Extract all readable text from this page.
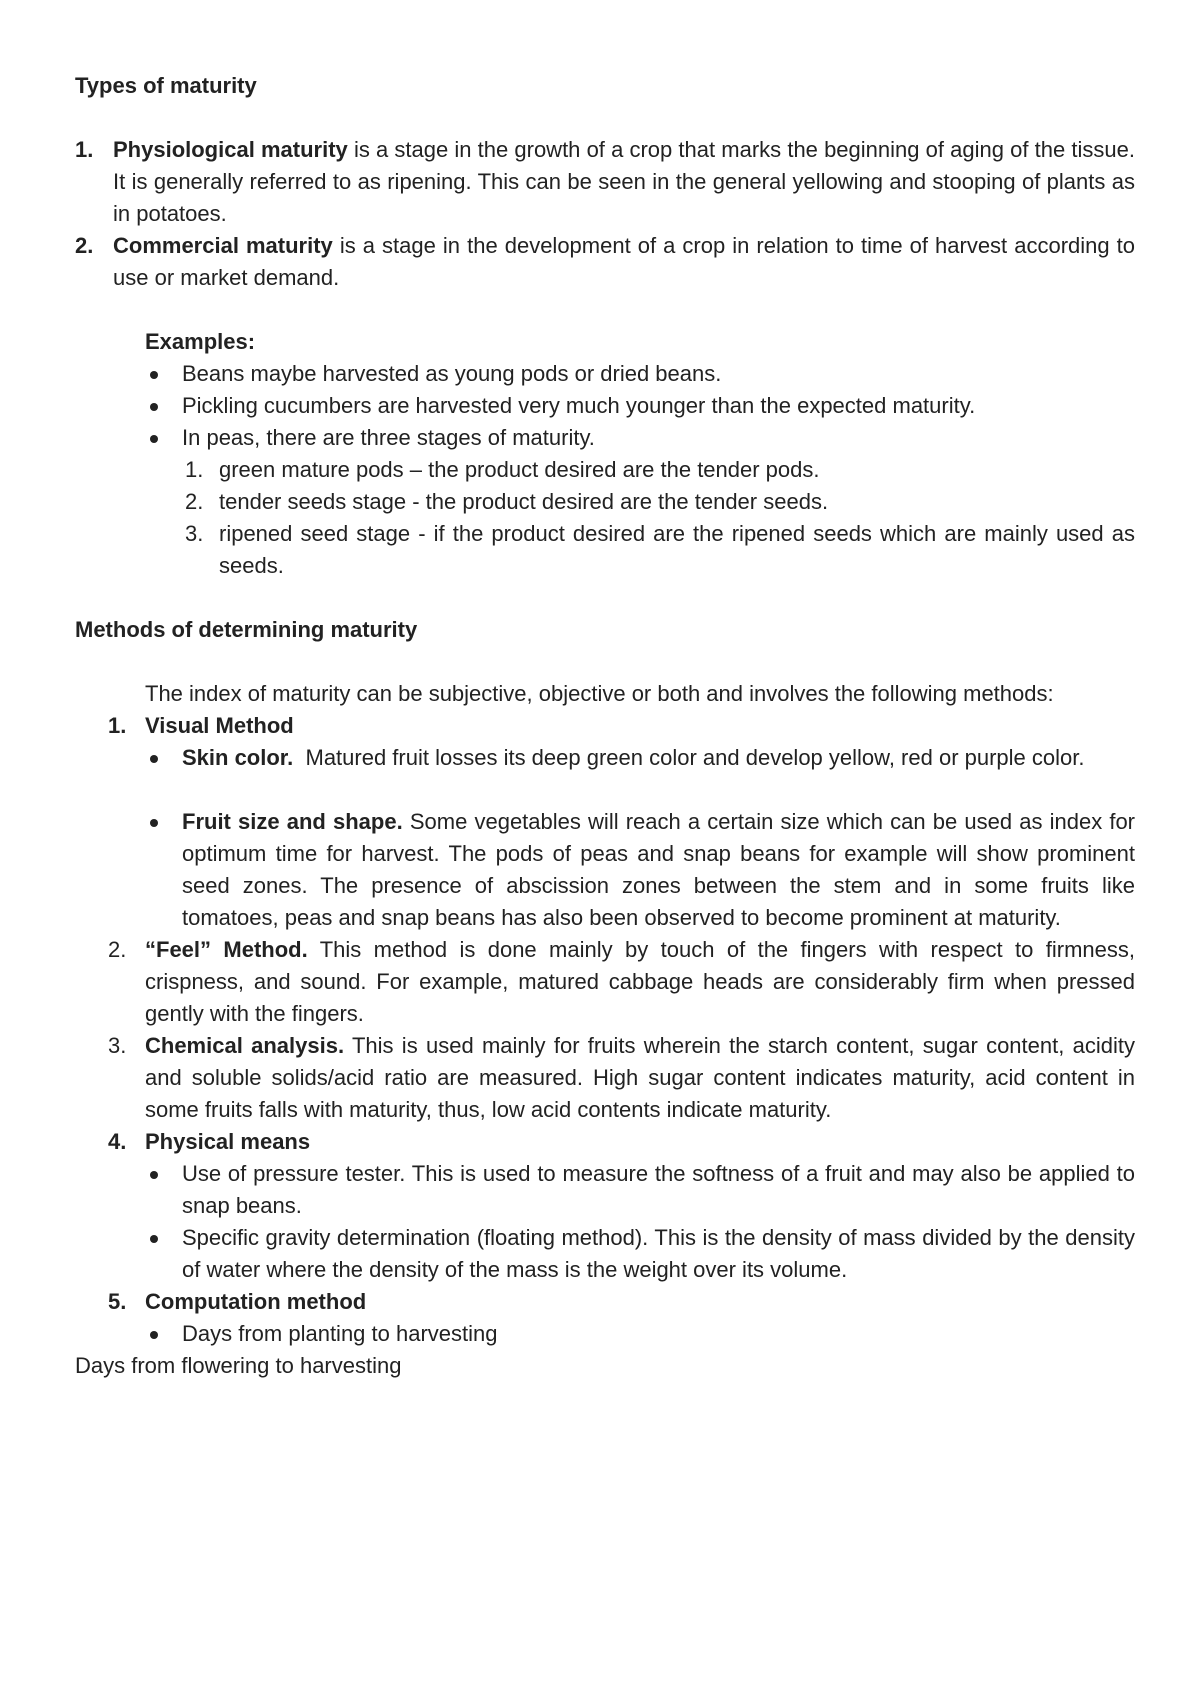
Types of maturity

1. Physiological maturity is a stage in the growth of a crop that marks the beginning of aging of the tissue. It is generally referred to as ripening. This can be seen in the general yellowing and stooping of plants as in potatoes.
2. Commercial maturity is a stage in the development of a crop in relation to time of harvest according to use or market demand.
Examples:
Beans maybe harvested as young pods or dried beans.
Pickling cucumbers are harvested very much younger than the expected maturity.
In peas, there are three stages of maturity.
1. green mature pods – the product desired are the tender pods.
2. tender seeds stage - the product desired are the tender seeds.
3. ripened seed stage - if the product desired are the ripened seeds which are mainly used as seeds.

Methods of determining maturity

The index of maturity can be subjective, objective or both and involves the following methods:

1. Visual Method
Skin color.  Matured fruit losses its deep green color and develop yellow, red or purple color.
Fruit size and shape. Some vegetables will reach a certain size which can be used as index for optimum time for harvest. The pods of peas and snap beans for example will show prominent seed zones. The presence of abscission zones between the stem and in some fruits like tomatoes, peas and snap beans has also been observed to become prominent at maturity.
2. “Feel” Method. This method is done mainly by touch of the fingers with respect to firmness, crispness, and sound. For example, matured cabbage heads are considerably firm when pressed gently with the fingers.
3. Chemical analysis. This is used mainly for fruits wherein the starch content, sugar content, acidity and soluble solids/acid ratio are measured. High sugar content indicates maturity, acid content in some fruits falls with maturity, thus, low acid contents indicate maturity.
4. Physical means
Use of pressure tester. This is used to measure the softness of a fruit and may also be applied to snap beans.
Specific gravity determination (floating method). This is the density of mass divided by the density of water where the density of the mass is the weight over its volume.
5. Computation method
Days from planting to harvesting
Days from flowering to harvesting
